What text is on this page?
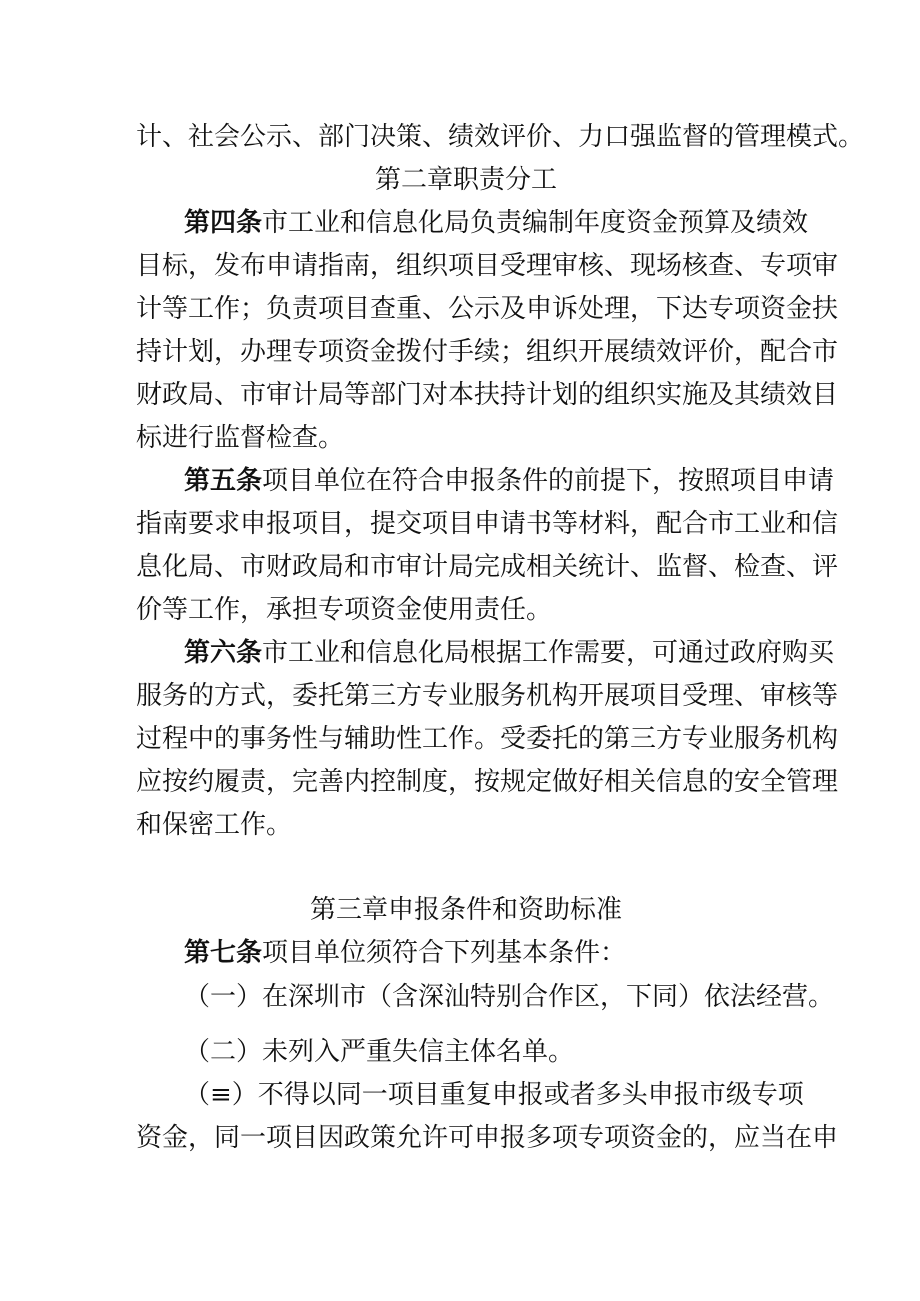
计、社会公示、部门决策、绩效评价、力口强监督的管理模式。
第二章职责分工
第四条市工业和信息化局负责编制年度资金预算及绩效
目标，发布申请指南，组织项目受理审核、现场核查、专项审
计等工作；负责项目查重、公示及申诉处理，下达专项资金扶
持计划，办理专项资金拨付手续；组织开展绩效评价，配合市
财政局、市审计局等部门对本扶持计划的组织实施及其绩效目
标进行监督检查。
第五条项目单位在符合申报条件的前提下，按照项目申请
指南要求申报项目，提交项目申请书等材料，配合市工业和信
息化局、市财政局和市审计局完成相关统计、监督、检查、评
价等工作，承担专项资金使用责任。
第六条市工业和信息化局根据工作需要，可通过政府购买
服务的方式，委托第三方专业服务机构开展项目受理、审核等
过程中的事务性与辅助性工作。受委托的第三方专业服务机构
应按约履责，完善内控制度，按规定做好相关信息的安全管理
和保密工作。
第三章申报条件和资助标准
第七条项目单位须符合下列基本条件：
（一）在深圳市（含深汕特别合作区，下同）依法经营。
（二）未列入严重失信主体名单。
（≡）不得以同一项目重复申报或者多头申报市级专项
资金，同一项目因政策允许可申报多项专项资金的，应当在申
